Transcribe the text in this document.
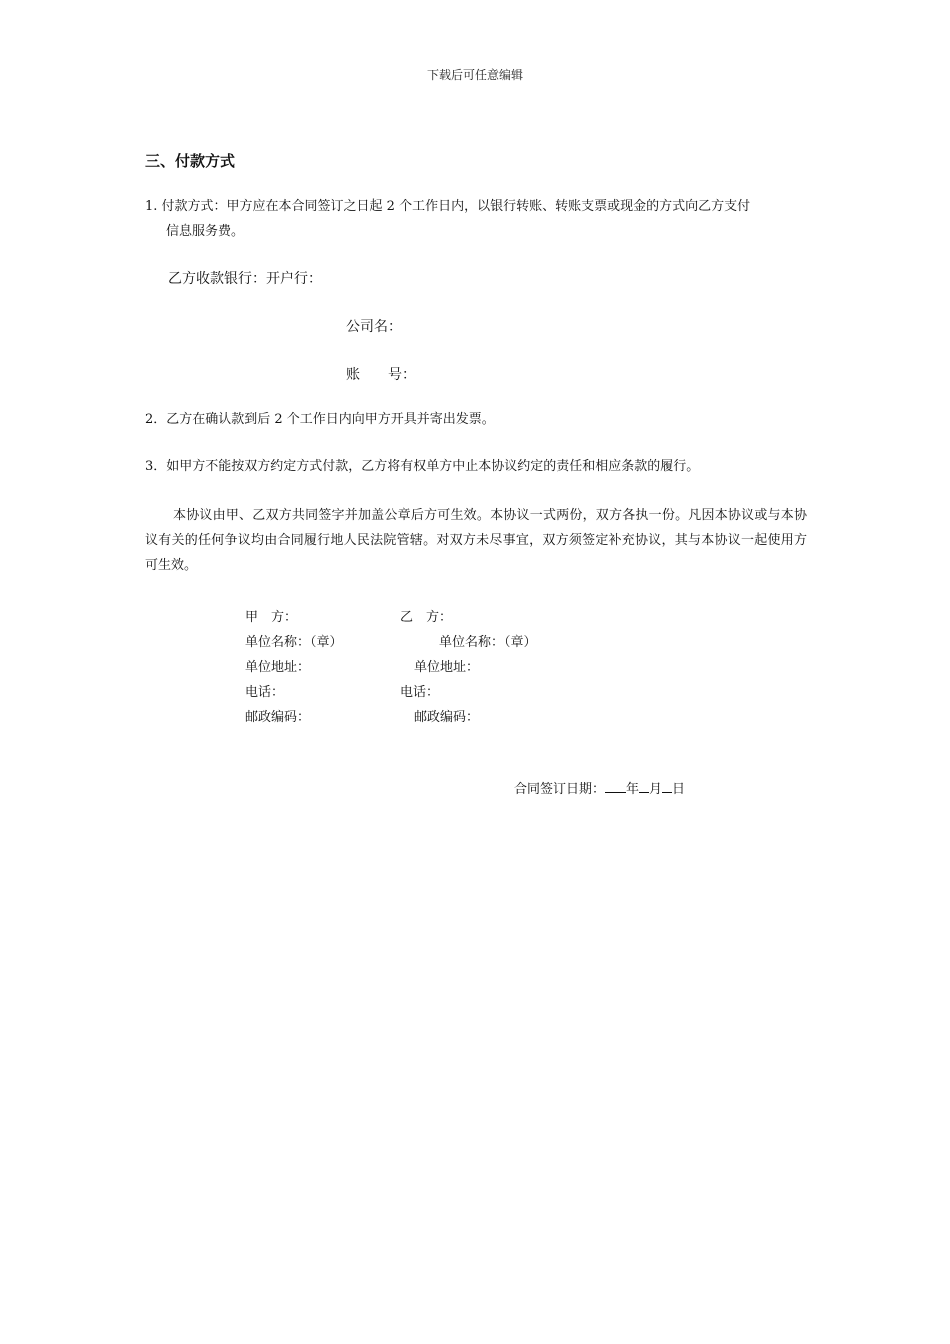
下载后可任意编辑
三、付款方式
1. 付款方式：甲方应在本合同签订之日起 2 个工作日内，以银行转账、转账支票或现金的方式向乙方支付
信息服务费。
乙方收款银行：开户行：
公司名：
账　　号：
2．乙方在确认款到后 2 个工作日内向甲方开具并寄出发票。
3．如甲方不能按双方约定方式付款，乙方将有权单方中止本协议约定的责任和相应条款的履行。
本协议由甲、乙双方共同签字并加盖公章后方可生效。本协议一式两份，双方各执一份。凡因本协议或与本协议有关的任何争议均由合同履行地人民法院管辖。对双方未尽事宜，双方须签定补充协议，其与本协议一起使用方可生效。
甲　方：
单位名称：（章）
单位地址：
电话：
邮政编码：
乙　方：
单位名称：（章）
单位地址：
电话：
邮政编码：
合同签订日期： 年 月 日
